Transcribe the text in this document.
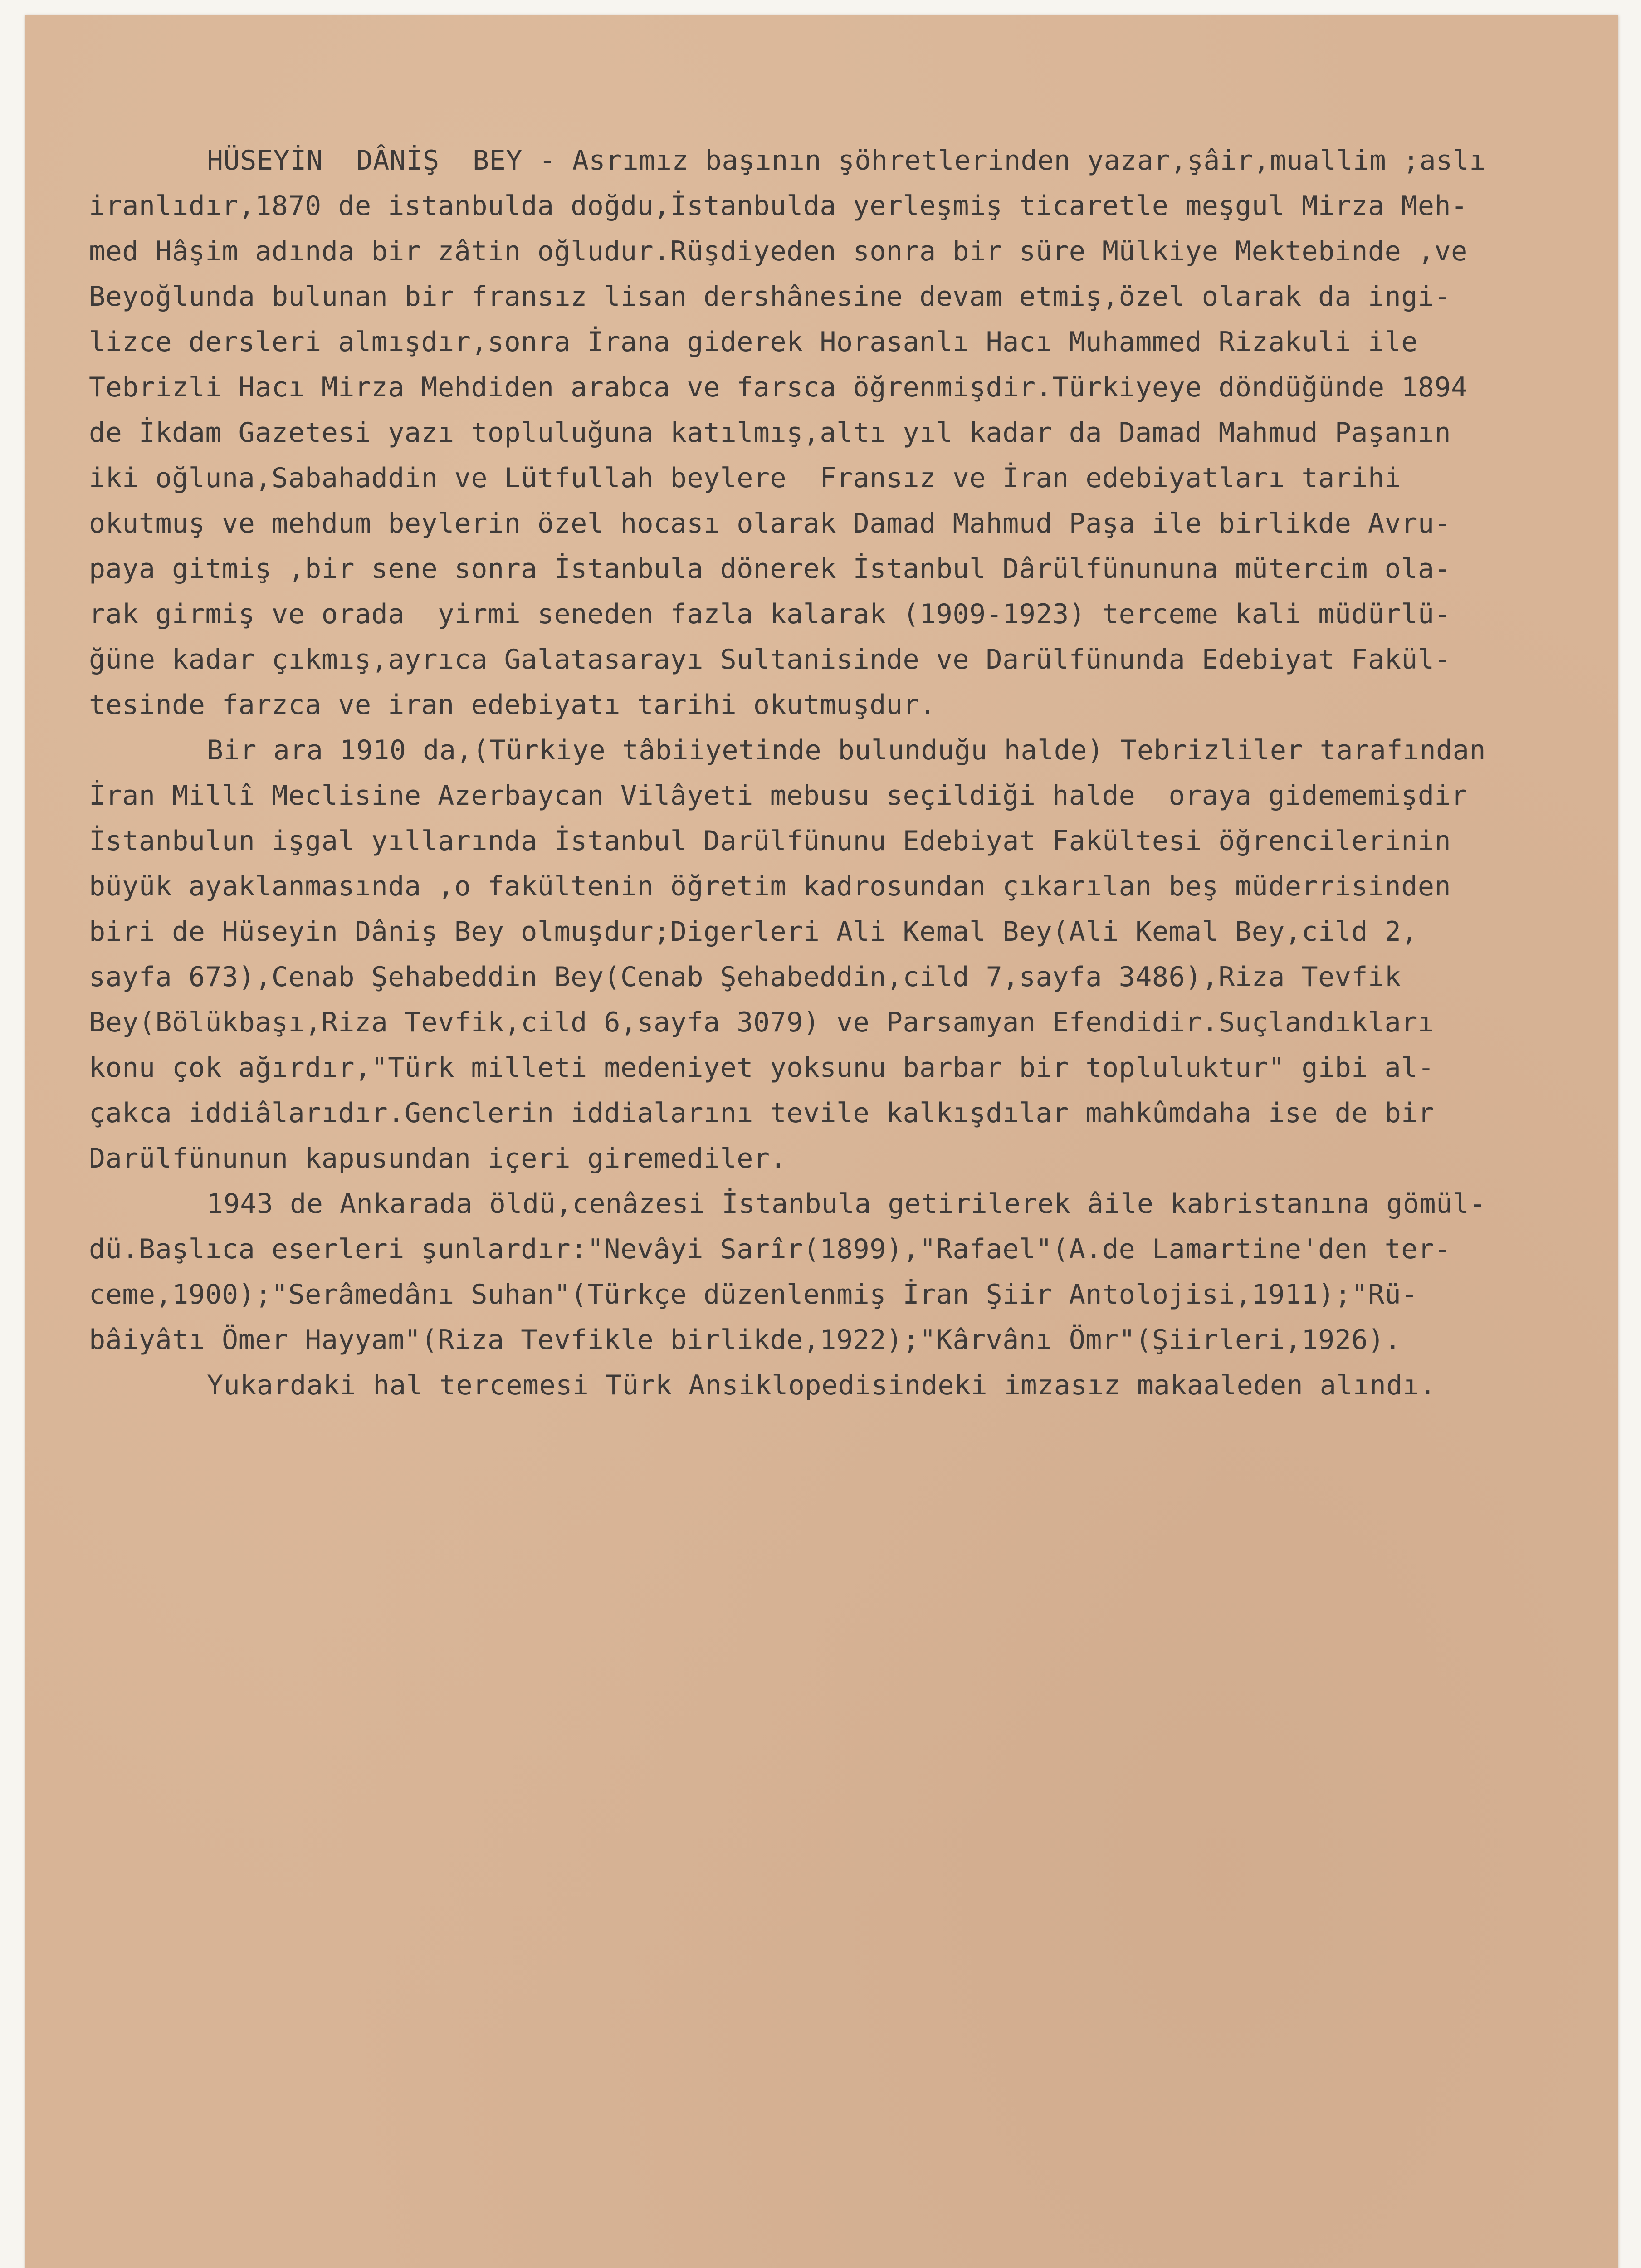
HÜSEYİN  DÂNİŞ  BEY - Asrımız başının şöhretlerinden yazar,şâir,muallim ;aslı
iranlıdır,1870 de istanbulda doğdu,İstanbulda yerleşmiş ticaretle meşgul Mirza Meh-
med Hâşim adında bir zâtin oğludur.Rüşdiyeden sonra bir süre Mülkiye Mektebinde ,ve
Beyoğlunda bulunan bir fransız lisan dershânesine devam etmiş,özel olarak da ingi-
lizce dersleri almışdır,sonra İrana giderek Horasanlı Hacı Muhammed Rizakuli ile
Tebrizli Hacı Mirza Mehdiden arabca ve farsca öğrenmişdir.Türkiyeye döndüğünde 1894
de İkdam Gazetesi yazı topluluğuna katılmış,altı yıl kadar da Damad Mahmud Paşanın
iki oğluna,Sabahaddin ve Lütfullah beylere  Fransız ve İran edebiyatları tarihi
okutmuş ve mehdum beylerin özel hocası olarak Damad Mahmud Paşa ile birlikde Avru-
paya gitmiş ,bir sene sonra İstanbula dönerek İstanbul Dârülfünununa mütercim ola-
rak girmiş ve orada  yirmi seneden fazla kalarak (1909-1923) terceme kali müdürlü-
ğüne kadar çıkmış,ayrıca Galatasarayı Sultanisinde ve Darülfünunda Edebiyat Fakül-
tesinde farzca ve iran edebiyatı tarihi okutmuşdur.
Bir ara 1910 da,(Türkiye tâbiiyetinde bulunduğu halde) Tebrizliler tarafından
İran Millî Meclisine Azerbaycan Vilâyeti mebusu seçildiği halde  oraya gidememişdir
İstanbulun işgal yıllarında İstanbul Darülfünunu Edebiyat Fakültesi öğrencilerinin
büyük ayaklanmasında ,o fakültenin öğretim kadrosundan çıkarılan beş müderrisinden
biri de Hüseyin Dâniş Bey olmuşdur;Digerleri Ali Kemal Bey(Ali Kemal Bey,cild 2,
sayfa 673),Cenab Şehabeddin Bey(Cenab Şehabeddin,cild 7,sayfa 3486),Riza Tevfik
Bey(Bölükbaşı,Riza Tevfik,cild 6,sayfa 3079) ve Parsamyan Efendidir.Suçlandıkları
konu çok ağırdır,"Türk milleti medeniyet yoksunu barbar bir topluluktur" gibi al-
çakca iddiâlarıdır.Genclerin iddialarını tevile kalkışdılar mahkûmdaha ise de bir
Darülfünunun kapusundan içeri giremediler.
1943 de Ankarada öldü,cenâzesi İstanbula getirilerek âile kabristanına gömül-
dü.Başlıca eserleri şunlardır:"Nevâyi Sarîr(1899),"Rafael"(A.de Lamartine'den ter-
ceme,1900);"Serâmedânı Suhan"(Türkçe düzenlenmiş İran Şiir Antolojisi,1911);"Rü-
bâiyâtı Ömer Hayyam"(Riza Tevfikle birlikde,1922);"Kârvânı Ömr"(Şiirleri,1926).
Yukardaki hal tercemesi Türk Ansiklopedisindeki imzasız makaaleden alındı.
